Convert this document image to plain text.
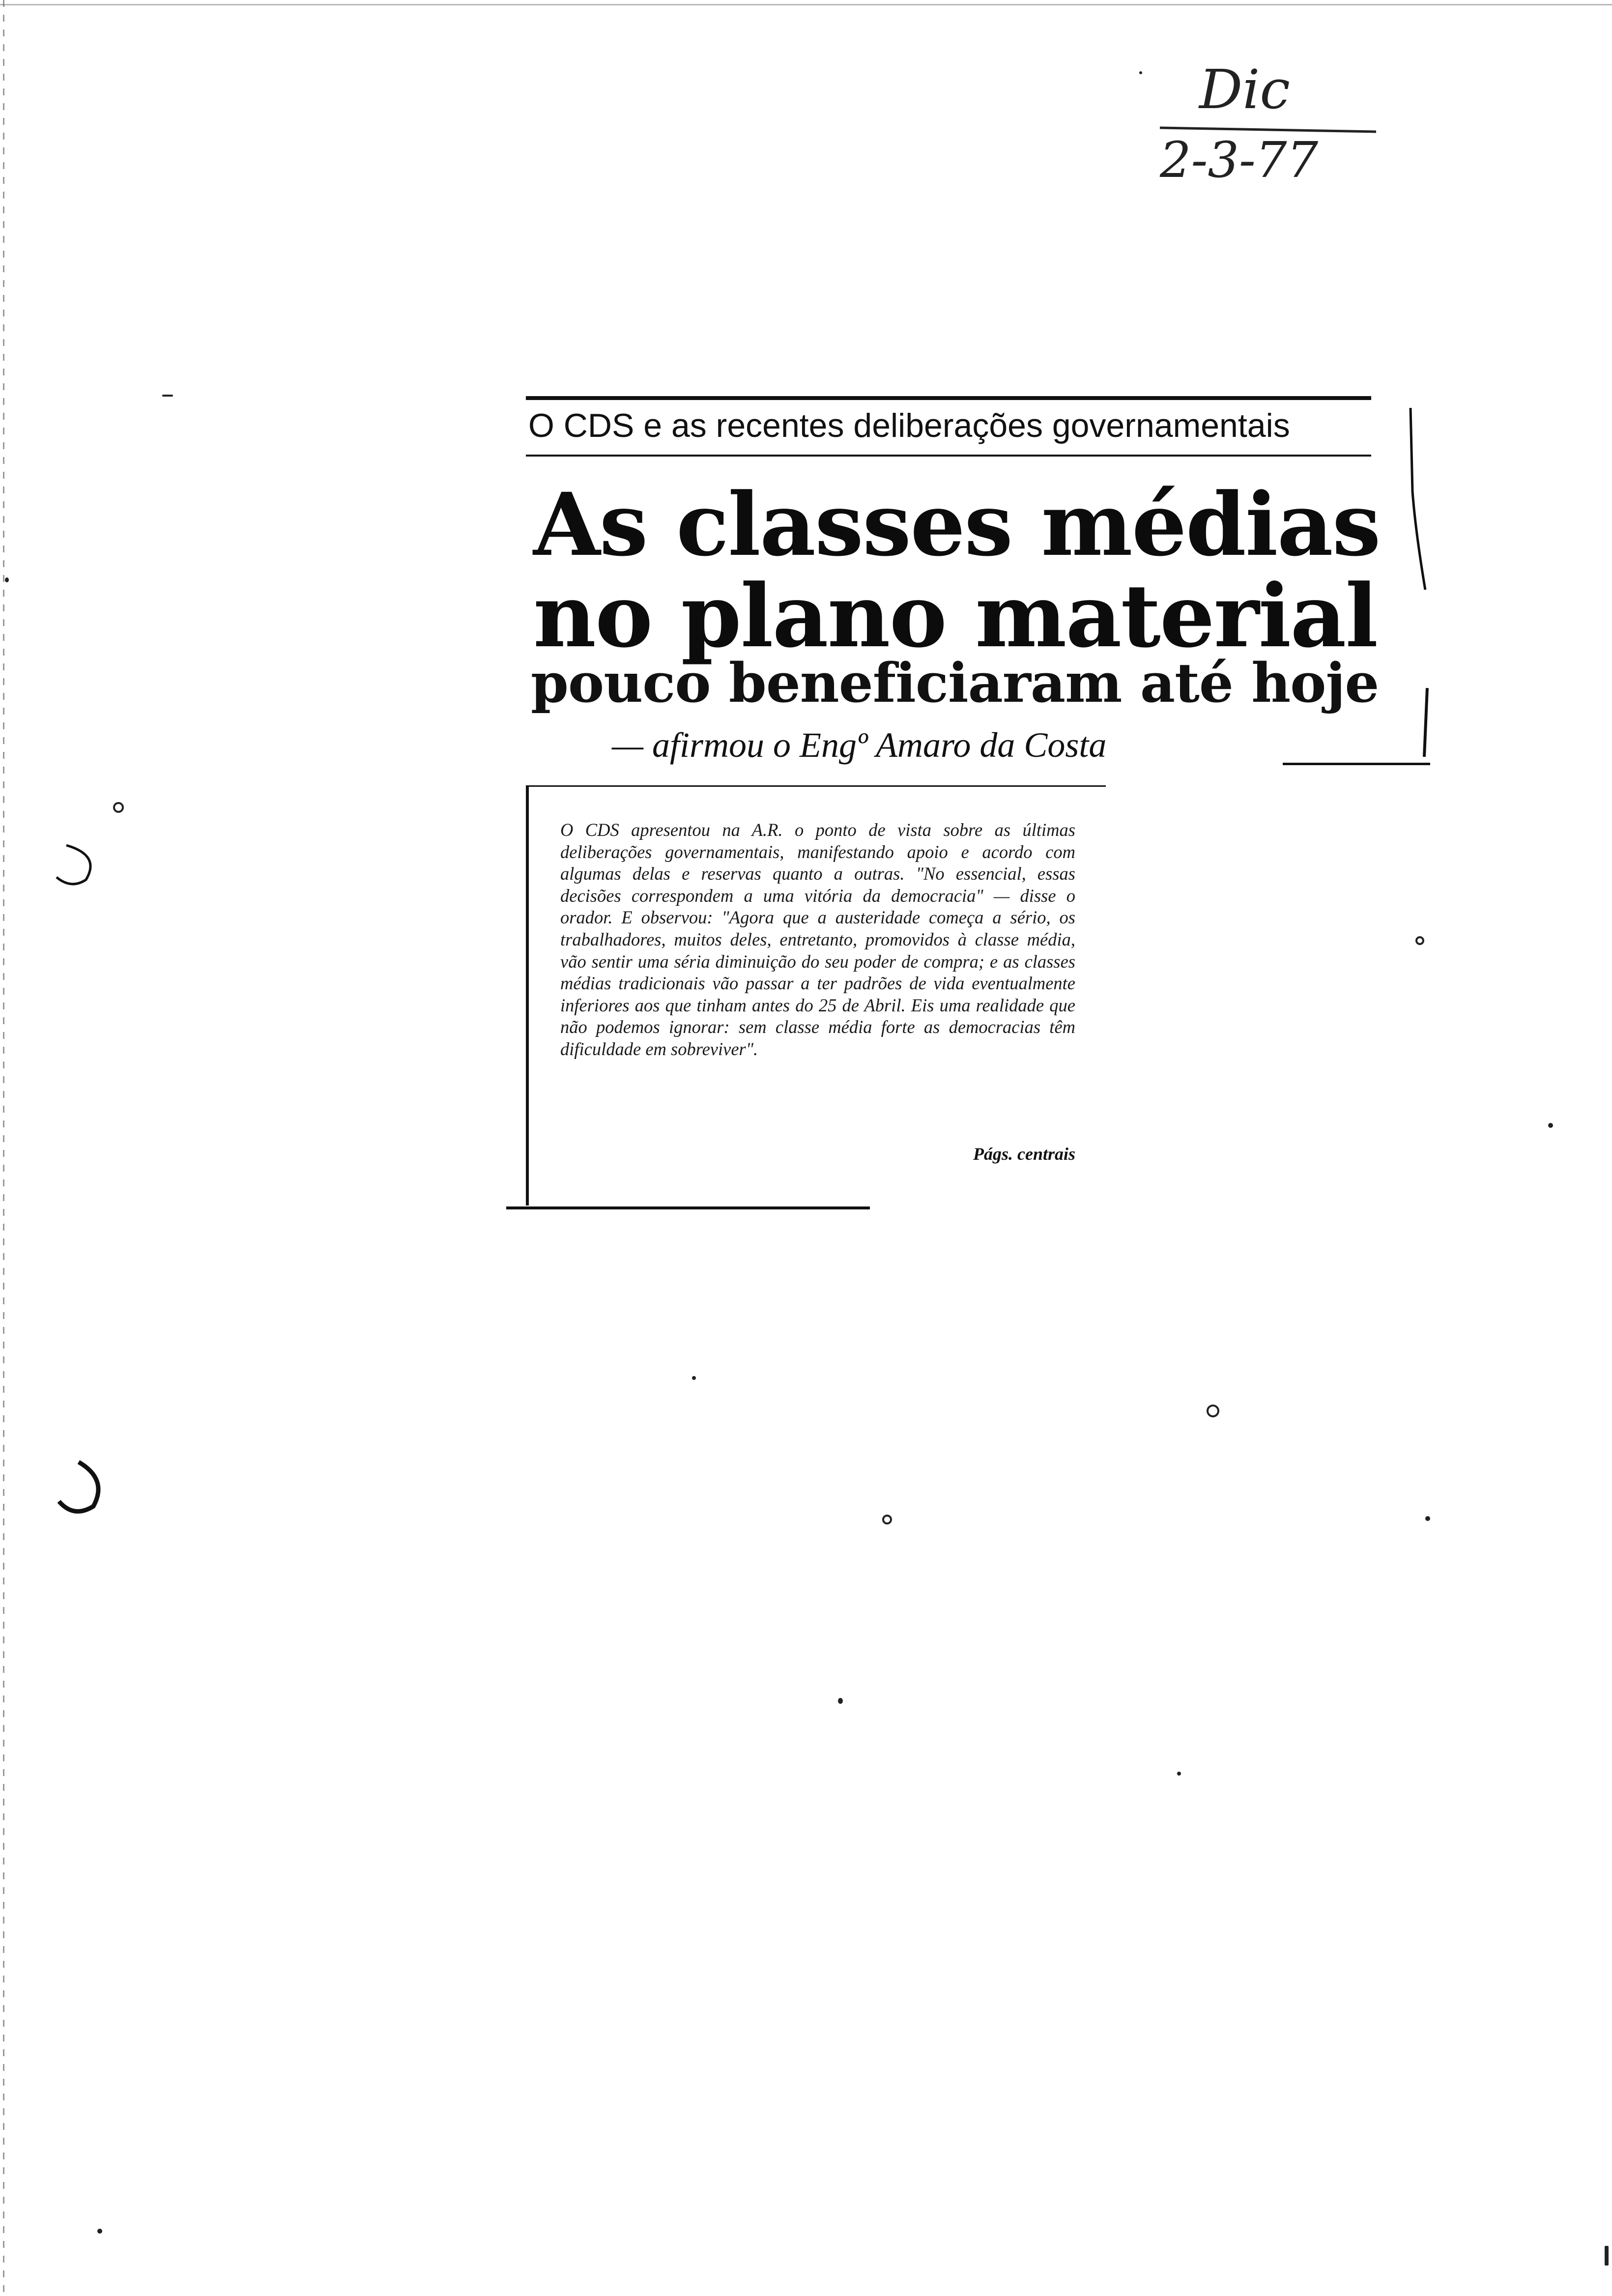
Dic
2-3-77
O CDS e as recentes deliberações governamentais
As classes médias
no plano material
pouco beneficiaram até hoje
— afirmou o Engº Amaro da Costa
O CDS apresentou na A.R. o ponto de vista sobre as últimas deliberações governamentais, manifestando apoio e acordo com algumas delas e reservas quanto a outras. "No essencial, essas decisões correspondem a uma vitória da democracia" — disse o orador. E observou: "Agora que a austeridade começa a sério, os trabalhadores, muitos deles, entretanto, promovidos à classe média, vão sentir uma séria diminuição do seu poder de compra; e as classes médias tradicionais vão passar a ter padrões de vida eventualmente inferiores aos que tinham antes do 25 de Abril. Eis uma realidade que não podemos ignorar: sem classe média forte as democracias têm dificuldade em sobreviver".
Págs. centrais
